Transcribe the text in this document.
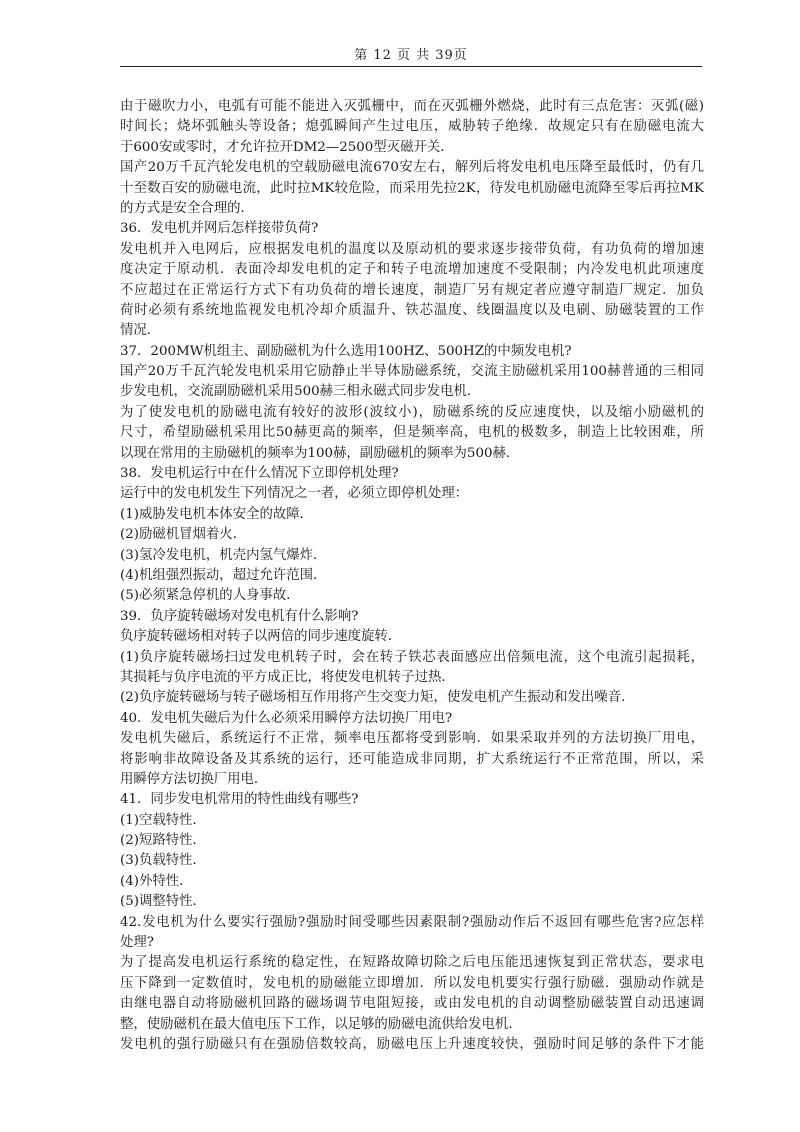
第 12 页 共 39页
由于磁吹力小，电弧有可能不能进入灭弧栅中，而在灭弧栅外燃烧，此时有三点危害：灭弧(磁)
时间长；烧坏弧触头等设备；熄弧瞬间产生过电压，威胁转子绝缘．故规定只有在励磁电流大
于600安或零时，才允许拉开DM2—2500型灭磁开关．
国产20万千瓦汽轮发电机的空载励磁电流670安左右，解列后将发电机电压降至最低时，仍有几
十至数百安的励磁电流，此时拉MK较危险，而采用先拉2K，待发电机励磁电流降至零后再拉MK
的方式是安全合理的．
36．发电机并网后怎样接带负荷?
发电机并入电网后，应根据发电机的温度以及原动机的要求逐步接带负荷，有功负荷的增加速
度决定于原动机．表面冷却发电机的定子和转子电流增加速度不受限制；内冷发电机此项速度
不应超过在正常运行方式下有功负荷的增长速度，制造厂另有规定者应遵守制造厂规定．加负
荷时必须有系统地监视发电机冷却介质温升、铁芯温度、线圈温度以及电刷、励磁装置的工作
情况．
37．200MW机组主、副励磁机为什么选用100HZ、500HZ的中频发电机?
国产20万千瓦汽轮发电机采用它励静止半导体励磁系统，交流主励磁机采用100赫普通的三相同
步发电机，交流副励磁机采用500赫三相永磁式同步发电机．
为了使发电机的励磁电流有较好的波形(波纹小)，励磁系统的反应速度快，以及缩小励磁机的
尺寸，希望励磁机采用比50赫更高的频率，但是频率高，电机的极数多，制造上比较困难，所
以现在常用的主励磁机的频率为100赫，副励磁机的频率为500赫．
38．发电机运行中在什么情况下立即停机处理?
运行中的发电机发生下列情况之一者，必须立即停机处理：
(1)威胁发电机本体安全的故障．
(2)励磁机冒烟着火．
(3)氢冷发电机，机壳内氢气爆炸．
(4)机组强烈振动，超过允许范围．
(5)必须紧急停机的人身事故．
39．负序旋转磁场对发电机有什么影响?
负序旋转磁场相对转子以两倍的同步速度旋转．
(1)负序旋转磁场扫过发电机转子时，会在转子铁芯表面感应出倍频电流，这个电流引起损耗，
其损耗与负序电流的平方成正比，将使发电机转子过热．
(2)负序旋转磁场与转子磁场相互作用将产生交变力矩，使发电机产生振动和发出噪音．
40．发电机失磁后为什么必须采用瞬停方法切换厂用电?
发电机失磁后，系统运行不正常，频率电压都将受到影响．如果采取并列的方法切换厂用电，
将影响非故障设备及其系统的运行，还可能造成非同期，扩大系统运行不正常范围，所以，采
用瞬停方法切换厂用电．
41．同步发电机常用的特性曲线有哪些?
(1)空载特性．
(2)短路特性．
(3)负载特性．
(4)外特性．
(5)调整特性．
42.发电机为什么要实行强励?强励时间受哪些因素限制?强励动作后不返回有哪些危害?应怎样
处理?
为了提高发电机运行系统的稳定性，在短路故障切除之后电压能迅速恢复到正常状态，要求电
压下降到一定数值时，发电机的励磁能立即增加．所以发电机要实行强行励磁．强励动作就是
由继电器自动将励磁机回路的磁场调节电阻短接，或由发电机的自动调整励磁装置自动迅速调
整，使励磁机在最大值电压下工作，以足够的励磁电流供给发电机．
发电机的强行励磁只有在强励倍数较高，励磁电压上升速度较快，强励时间足够的条件下才能
